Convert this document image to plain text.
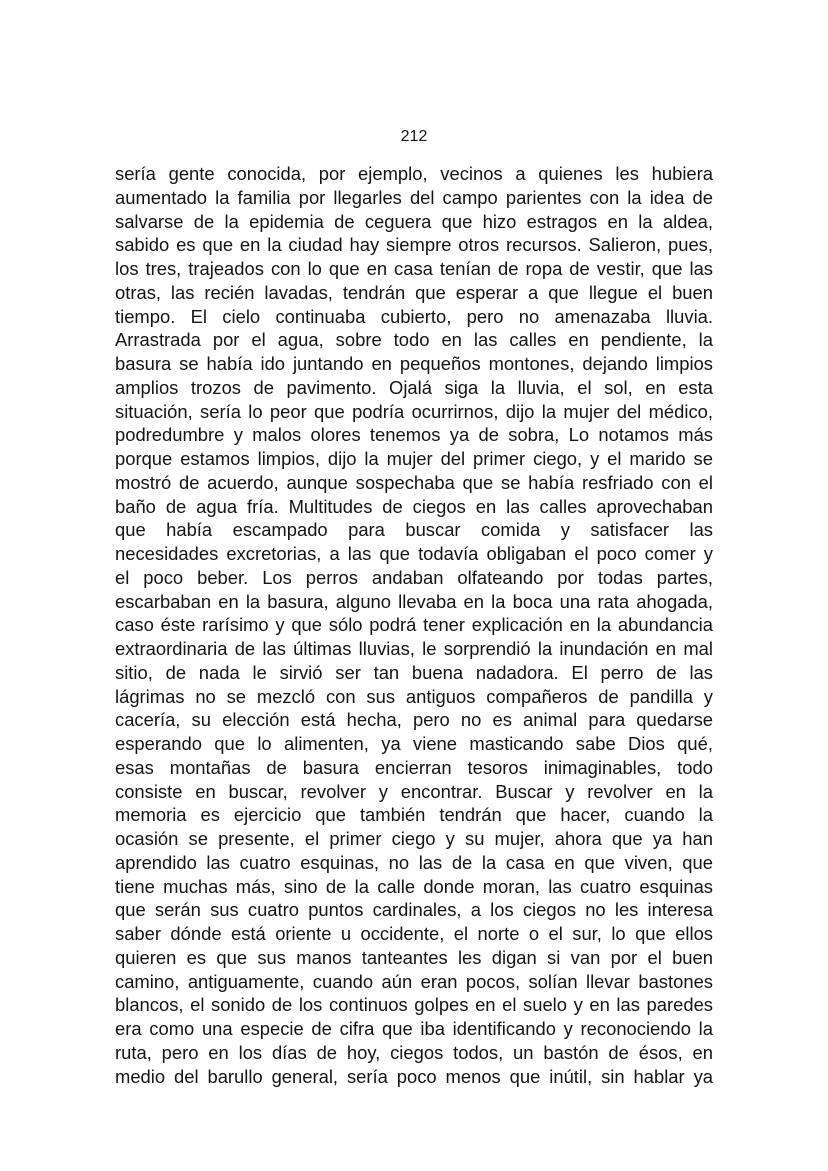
212
sería gente conocida, por ejemplo, vecinos a quienes les hubiera
aumentado la familia por llegarles del campo parientes con la idea de
salvarse de la epidemia de ceguera que hizo estragos en la aldea,
sabido es que en la ciudad hay siempre otros recursos. Salieron, pues,
los tres, trajeados con lo que en casa tenían de ropa de vestir, que las
otras, las recién lavadas, tendrán que esperar a que llegue el buen
tiempo. El cielo continuaba cubierto, pero no amenazaba lluvia.
Arrastrada por el agua, sobre todo en las calles en pendiente, la
basura se había ido juntando en pequeños montones, dejando limpios
amplios trozos de pavimento. Ojalá siga la lluvia, el sol, en esta
situación, sería lo peor que podría ocurrirnos, dijo la mujer del médico,
podredumbre y malos olores tenemos ya de sobra, Lo notamos más
porque estamos limpios, dijo la mujer del primer ciego, y el marido se
mostró de acuerdo, aunque sospechaba que se había resfriado con el
baño de agua fría. Multitudes de ciegos en las calles aprovechaban
que había escampado para buscar comida y satisfacer las
necesidades excretorias, a las que todavía obligaban el poco comer y
el poco beber. Los perros andaban olfateando por todas partes,
escarbaban en la basura, alguno llevaba en la boca una rata ahogada,
caso éste rarísimo y que sólo podrá tener explicación en la abundancia
extraordinaria de las últimas lluvias, le sorprendió la inundación en mal
sitio, de nada le sirvió ser tan buena nadadora. El perro de las
lágrimas no se mezcló con sus antiguos compañeros de pandilla y
cacería, su elección está hecha, pero no es animal para quedarse
esperando que lo alimenten, ya viene masticando sabe Dios qué,
esas montañas de basura encierran tesoros inimaginables, todo
consiste en buscar, revolver y encontrar. Buscar y revolver en la
memoria es ejercicio que también tendrán que hacer, cuando la
ocasión se presente, el primer ciego y su mujer, ahora que ya han
aprendido las cuatro esquinas, no las de la casa en que viven, que
tiene muchas más, sino de la calle donde moran, las cuatro esquinas
que serán sus cuatro puntos cardinales, a los ciegos no les interesa
saber dónde está oriente u occidente, el norte o el sur, lo que ellos
quieren es que sus manos tanteantes les digan si van por el buen
camino, antiguamente, cuando aún eran pocos, solían llevar bastones
blancos, el sonido de los continuos golpes en el suelo y en las paredes
era como una especie de cifra que iba identificando y reconociendo la
ruta, pero en los días de hoy, ciegos todos, un bastón de ésos, en
medio del barullo general, sería poco menos que inútil, sin hablar ya
